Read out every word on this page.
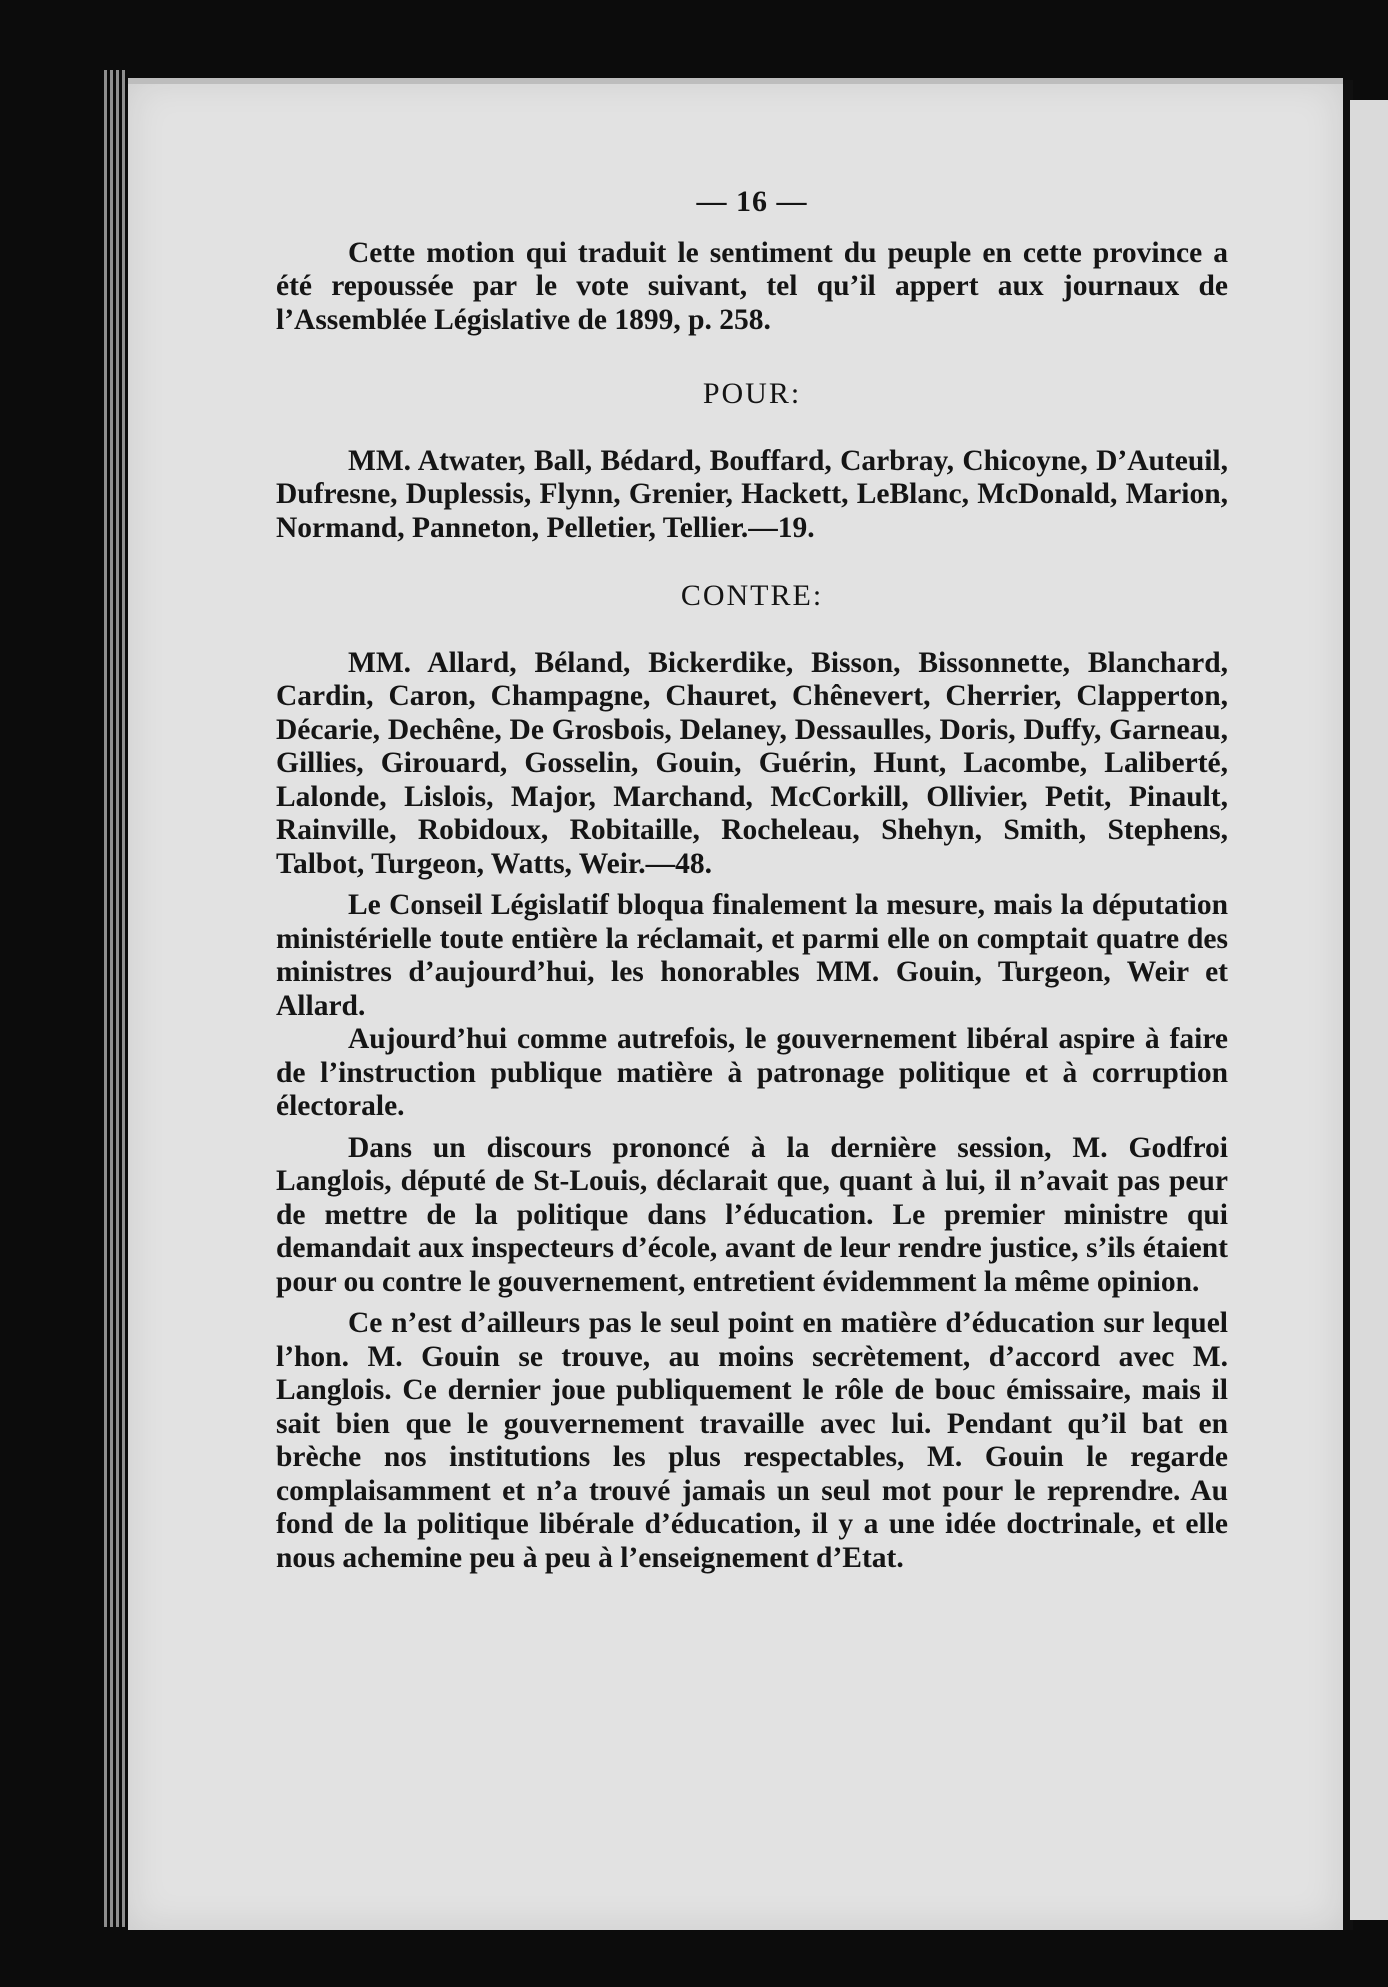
— 16 —

Cette motion qui traduit le sentiment du peuple en cette province a été repoussée par le vote suivant, tel qu’il appert aux journaux de l’Assemblée Législative de 1899, p. 258.

POUR:

MM. Atwater, Ball, Bédard, Bouffard, Carbray, Chicoyne, D’Auteuil, Dufresne, Duplessis, Flynn, Grenier, Hackett, LeBlanc, McDonald, Marion, Normand, Panneton, Pelletier, Tellier.—19.

CONTRE:

MM. Allard, Béland, Bickerdike, Bisson, Bissonnette, Blanchard, Cardin, Caron, Champagne, Chauret, Chênevert, Cherrier, Clapperton, Décarie, Dechêne, De Grosbois, Delaney, Dessaulles, Doris, Duffy, Garneau, Gillies, Girouard, Gosselin, Gouin, Guérin, Hunt, Lacombe, Laliberté, Lalonde, Lislois, Major, Marchand, McCorkill, Ollivier, Petit, Pinault, Rainville, Robidoux, Robitaille, Rocheleau, Shehyn, Smith, Stephens, Talbot, Turgeon, Watts, Weir.—48.

Le Conseil Législatif bloqua finalement la mesure, mais la députation ministérielle toute entière la réclamait, et parmi elle on comptait quatre des ministres d’aujourd’hui, les honorables MM. Gouin, Turgeon, Weir et Allard.

Aujourd’hui comme autrefois, le gouvernement libéral aspire à faire de l’instruction publique matière à patronage politique et à corruption électorale.

Dans un discours prononcé à la dernière session, M. Godfroi Langlois, député de St-Louis, déclarait que, quant à lui, il n’avait pas peur de mettre de la politique dans l’éducation. Le premier ministre qui demandait aux inspecteurs d’école, avant de leur rendre justice, s’ils étaient pour ou contre le gouvernement, entretient évidemment la même opinion.

Ce n’est d’ailleurs pas le seul point en matière d’éducation sur lequel l’hon. M. Gouin se trouve, au moins secrètement, d’accord avec M. Langlois. Ce dernier joue publiquement le rôle de bouc émissaire, mais il sait bien que le gouvernement travaille avec lui. Pendant qu’il bat en brèche nos institutions les plus respectables, M. Gouin le regarde complaisamment et n’a trouvé jamais un seul mot pour le reprendre. Au fond de la politique libérale d’éducation, il y a une idée doctrinale, et elle nous achemine peu à peu à l’enseignement d’Etat.
